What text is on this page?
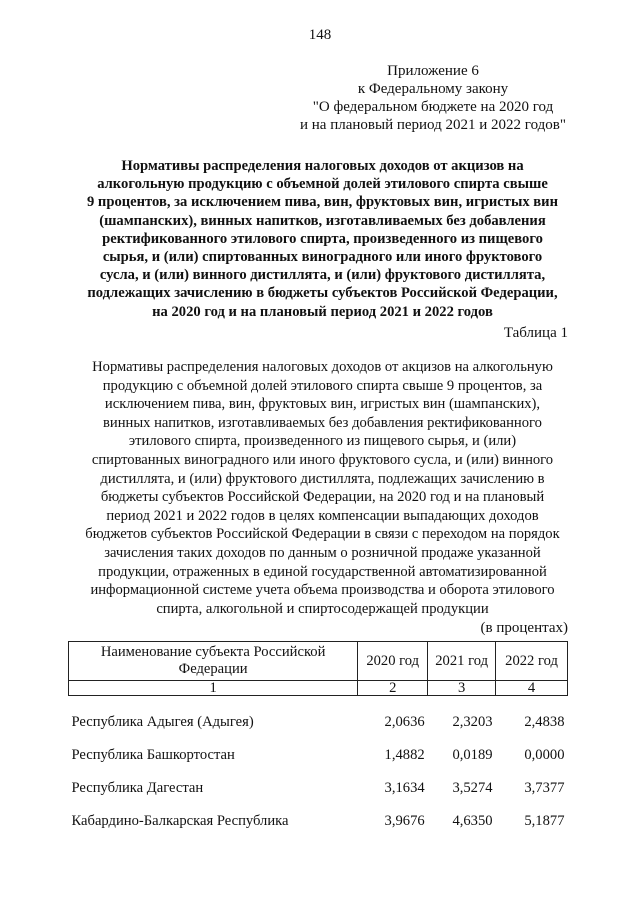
148
Приложение 6
к Федеральному закону
"О федеральном бюджете на 2020 год
и на плановый период 2021 и 2022 годов"
Нормативы распределения налоговых доходов от акцизов на
алкогольную продукцию с объемной долей этилового спирта свыше
9 процентов, за исключением пива, вин, фруктовых вин, игристых вин
(шампанских), винных напитков, изготавливаемых без добавления
ректификованного этилового спирта, произведенного из пищевого
сырья, и (или) спиртованных виноградного или иного фруктового
сусла, и (или) винного дистиллята, и (или) фруктового дистиллята,
подлежащих зачислению в бюджеты субъектов Российской Федерации,
на 2020 год и на плановый период 2021 и 2022 годов
Таблица 1
Нормативы распределения налоговых доходов от акцизов на алкогольную
продукцию с объемной долей этилового спирта свыше 9 процентов, за
исключением пива, вин, фруктовых вин, игристых вин (шампанских),
винных напитков, изготавливаемых без добавления ректификованного
этилового спирта, произведенного из пищевого сырья, и (или)
спиртованных виноградного или иного фруктового сусла, и (или) винного
дистиллята, и (или) фруктового дистиллята, подлежащих зачислению в
бюджеты субъектов Российской Федерации, на 2020 год и на плановый
период 2021 и 2022 годов в целях компенсации выпадающих доходов
бюджетов субъектов Российской Федерации в связи с переходом на порядок
зачисления таких доходов по данным о розничной продаже указанной
продукции, отраженных в единой государственной автоматизированной
информационной системе учета объема производства и оборота этилового
спирта, алкогольной и спиртосодержащей продукции
(в процентах)
Наименование субъекта Российской Федерации	2020 год	2021 год	2022 год
1	2	3	4
Республика Адыгея (Адыгея)	2,0636	2,3203	2,4838
Республика Башкортостан	1,4882	0,0189	0,0000
Республика Дагестан	3,1634	3,5274	3,7377
Кабардино-Балкарская Республика	3,9676	4,6350	5,1877
